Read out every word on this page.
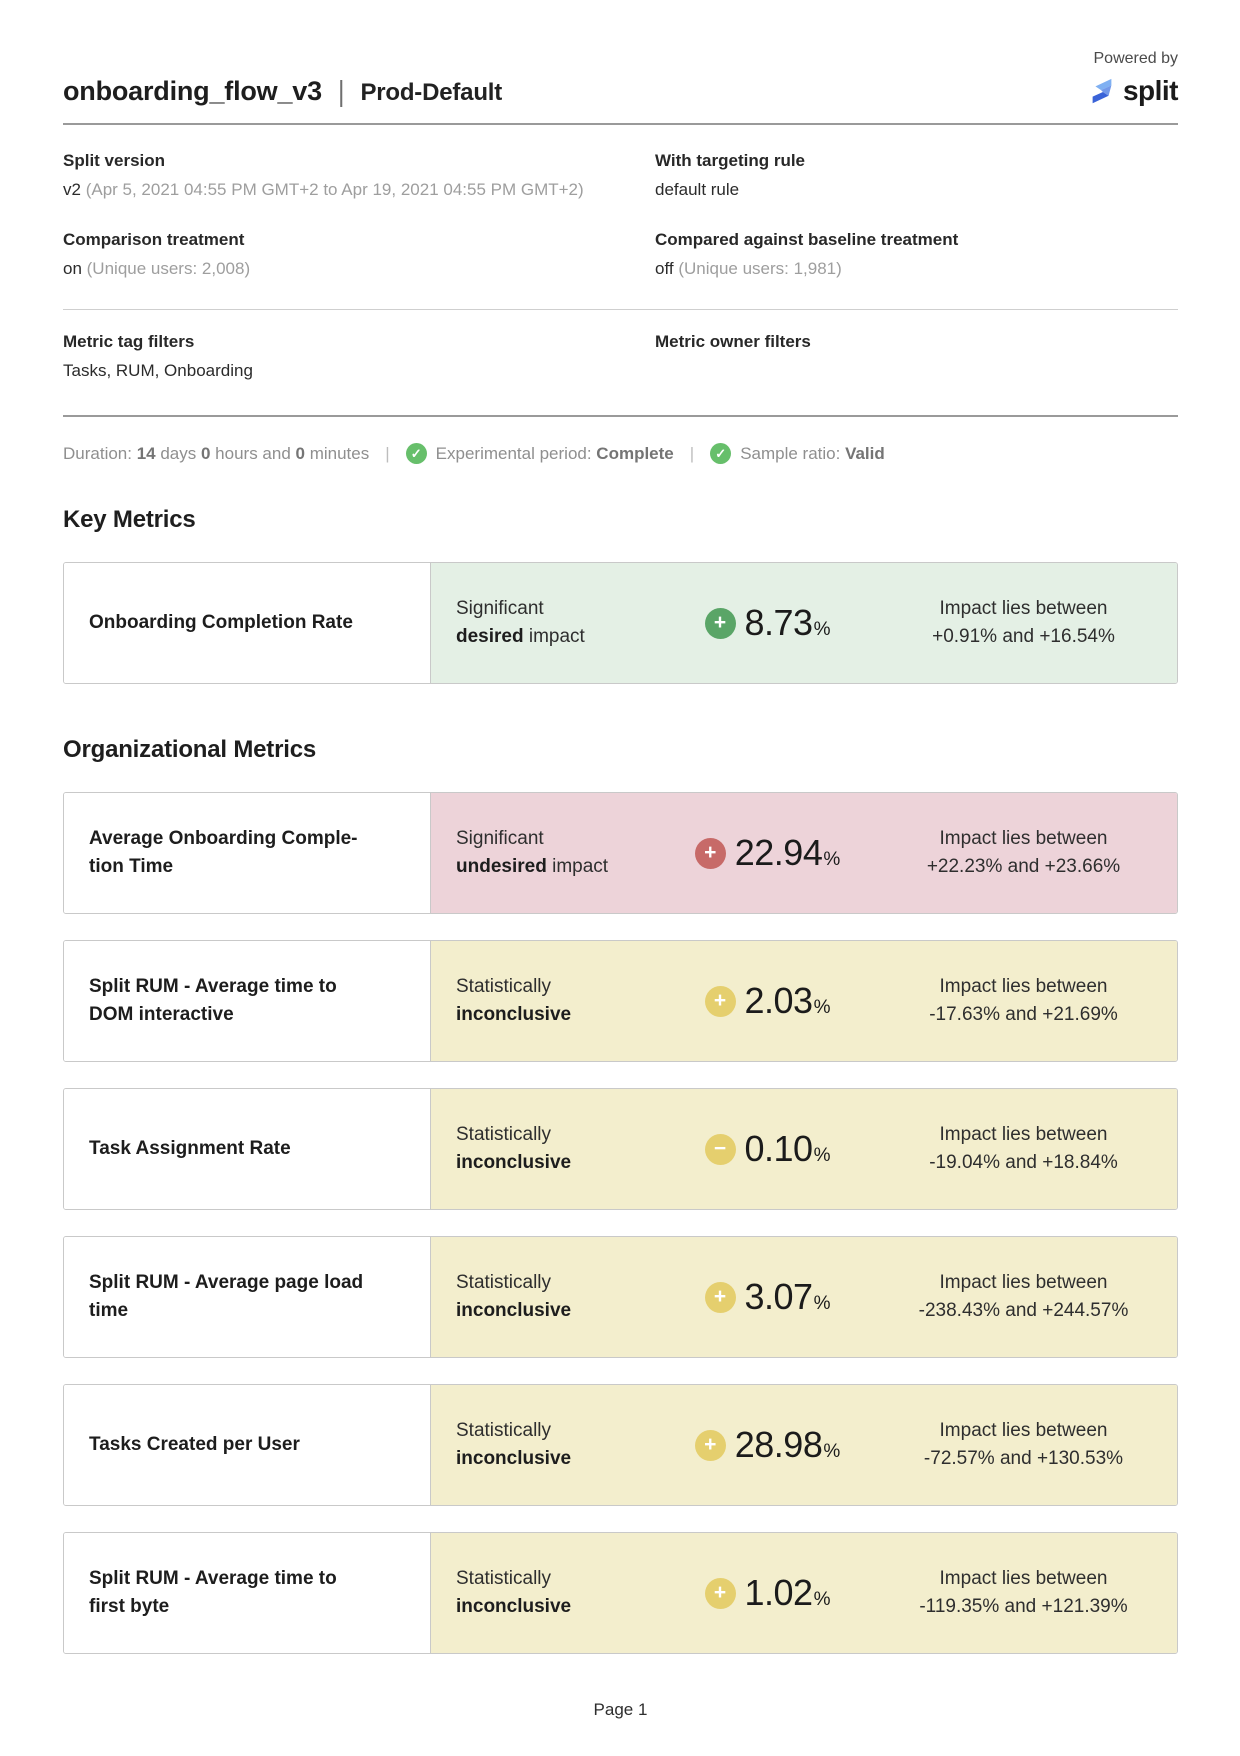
onboarding_flow_v3 | Prod-Default
Powered by
split
Split version
v2 (Apr 5, 2021 04:55 PM GMT+2 to Apr 19, 2021 04:55 PM GMT+2)
With targeting rule
default rule
Comparison treatment
on (Unique users: 2,008)
Compared against baseline treatment
off (Unique users: 1,981)
Metric tag filters
Tasks, RUM, Onboarding
Metric owner filters
Duration: 14 days 0 hours and 0 minutes |	✓ Experimental period: Complete |	✓ Sample ratio: Valid
Key Metrics
Onboarding Completion Rate
Significant
desired impact
+ 8.73 %
Impact lies between
+0.91% and +16.54%
Organizational Metrics
Average Onboarding Comple-
tion Time
Significant
undesired impact
+ 22.94 %
Impact lies between
+22.23% and +23.66%
Split RUM - Average time to
DOM interactive
Statistically
inconclusive
+ 2.03 %
Impact lies between
-17.63% and +21.69%
Task Assignment Rate
Statistically
inconclusive
− 0.10 %
Impact lies between
-19.04% and +18.84%
Split RUM - Average page load
time
Statistically
inconclusive
+ 3.07 %
Impact lies between
-238.43% and +244.57%
Tasks Created per User
Statistically
inconclusive
+ 28.98 %
Impact lies between
-72.57% and +130.53%
Split RUM - Average time to
first byte
Statistically
inconclusive
+ 1.02 %
Impact lies between
-119.35% and +121.39%
Page 1
